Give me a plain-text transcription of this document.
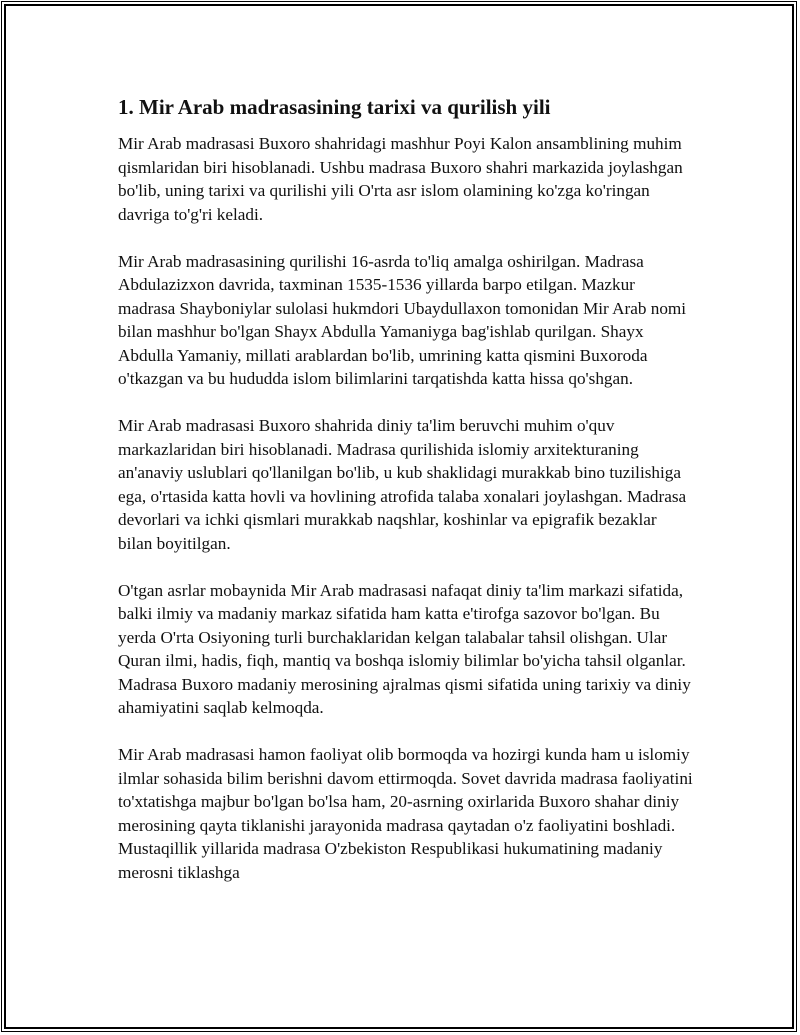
1. Mir Arab madrasasining tarixi va qurilish yili

Mir Arab madrasasi Buxoro shahridagi mashhur Poyi Kalon ansamblining muhim qismlaridan biri hisoblanadi. Ushbu madrasa Buxoro shahri markazida joylashgan bo'lib, uning tarixi va qurilishi yili O'rta asr islom olamining ko'zga ko'ringan davriga to'g'ri keladi.

Mir Arab madrasasining qurilishi 16-asrda to'liq amalga oshirilgan. Madrasa Abdulazizxon davrida, taxminan 1535-1536 yillarda barpo etilgan. Mazkur madrasa Shayboniylar sulolasi hukmdori Ubaydullaxon tomonidan Mir Arab nomi bilan mashhur bo'lgan Shayx Abdulla Yamaniyga bag'ishlab qurilgan. Shayx Abdulla Yamaniy, millati arablardan bo'lib, umrining katta qismini Buxoroda o'tkazgan va bu hududda islom bilimlarini tarqatishda katta hissa qo'shgan.

Mir Arab madrasasi Buxoro shahrida diniy ta'lim beruvchi muhim o'quv markazlaridan biri hisoblanadi. Madrasa qurilishida islomiy arxitekturaning an'anaviy uslublari qo'llanilgan bo'lib, u kub shaklidagi murakkab bino tuzilishiga ega, o'rtasida katta hovli va hovlining atrofida talaba xonalari joylashgan. Madrasa devorlari va ichki qismlari murakkab naqshlar, koshinlar va epigrafik bezaklar bilan boyitilgan.

O'tgan asrlar mobaynida Mir Arab madrasasi nafaqat diniy ta'lim markazi sifatida, balki ilmiy va madaniy markaz sifatida ham katta e'tirofga sazovor bo'lgan. Bu yerda O'rta Osiyoning turli burchaklaridan kelgan talabalar tahsil olishgan. Ular Quran ilmi, hadis, fiqh, mantiq va boshqa islomiy bilimlar bo'yicha tahsil olganlar. Madrasa Buxoro madaniy merosining ajralmas qismi sifatida uning tarixiy va diniy ahamiyatini saqlab kelmoqda.

Mir Arab madrasasi hamon faoliyat olib bormoqda va hozirgi kunda ham u islomiy ilmlar sohasida bilim berishni davom ettirmoqda. Sovet davrida madrasa faoliyatini to'xtatishga majbur bo'lgan bo'lsa ham, 20-asrning oxirlarida Buxoro shahar diniy merosining qayta tiklanishi jarayonida madrasa qaytadan o'z faoliyatini boshladi. Mustaqillik yillarida madrasa O'zbekiston Respublikasi hukumatining madaniy merosni tiklashga
